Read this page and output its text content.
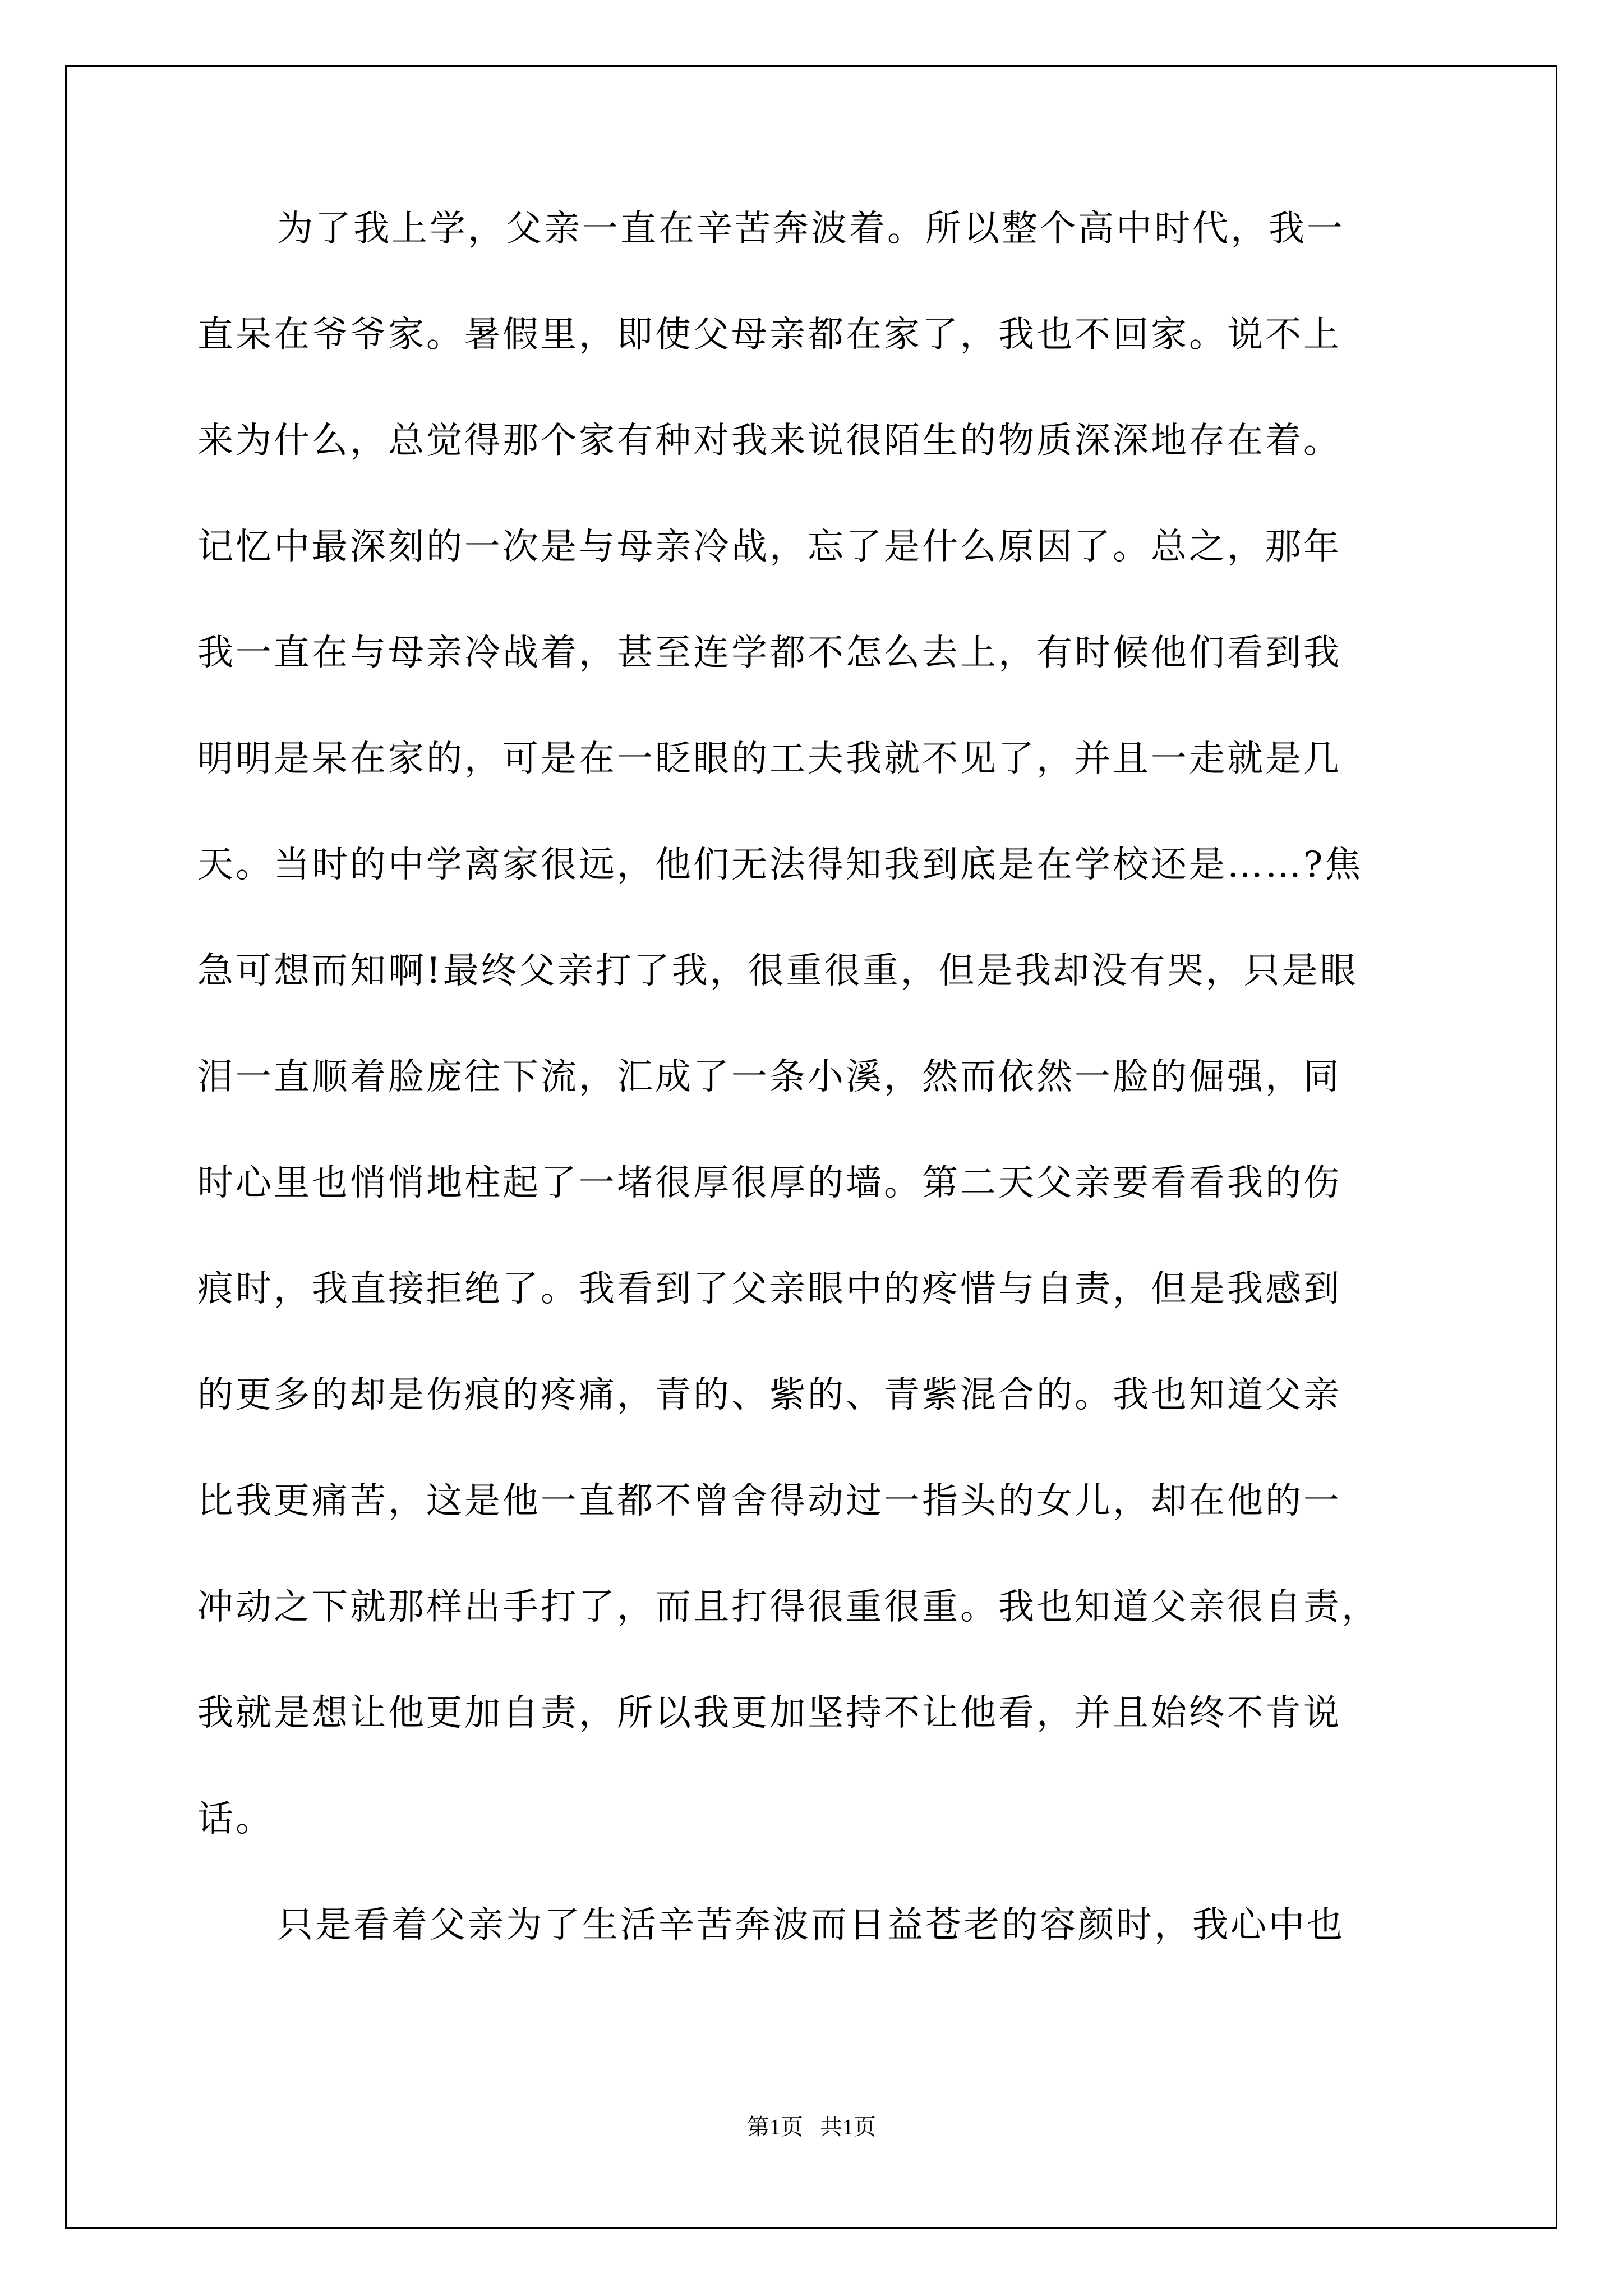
为了我上学，父亲一直在辛苦奔波着。所以整个高中时代，我一
直呆在爷爷家。暑假里，即使父母亲都在家了，我也不回家。说不上
来为什么，总觉得那个家有种对我来说很陌生的物质深深地存在着。
记忆中最深刻的一次是与母亲冷战，忘了是什么原因了。总之，那年
我一直在与母亲冷战着，甚至连学都不怎么去上，有时候他们看到我
明明是呆在家的，可是在一眨眼的工夫我就不见了，并且一走就是几
天。当时的中学离家很远，他们无法得知我到底是在学校还是……?焦
急可想而知啊!最终父亲打了我，很重很重，但是我却没有哭，只是眼
泪一直顺着脸庞往下流，汇成了一条小溪，然而依然一脸的倔强，同
时心里也悄悄地柱起了一堵很厚很厚的墙。第二天父亲要看看我的伤
痕时，我直接拒绝了。我看到了父亲眼中的疼惜与自责，但是我感到
的更多的却是伤痕的疼痛，青的、紫的、青紫混合的。我也知道父亲
比我更痛苦，这是他一直都不曾舍得动过一指头的女儿，却在他的一
冲动之下就那样出手打了，而且打得很重很重。我也知道父亲很自责，
我就是想让他更加自责，所以我更加坚持不让他看，并且始终不肯说
话。
只是看着父亲为了生活辛苦奔波而日益苍老的容颜时，我心中也
第1页   共1页
